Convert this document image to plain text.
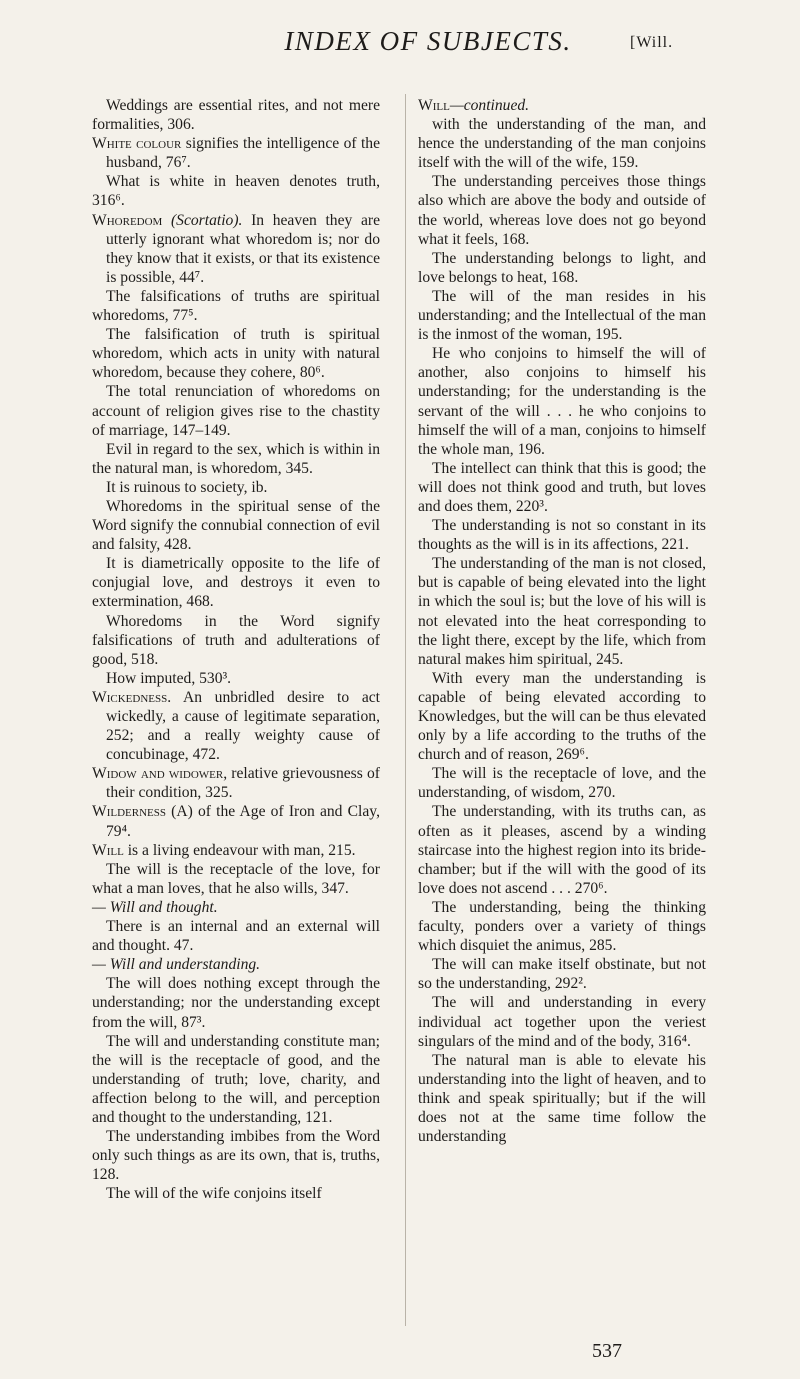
INDEX OF SUBJECTS.	[Will.

Weddings are essential rites, and not mere formalities, 306.

White colour signifies the intelligence of the husband, 76⁷.

What is white in heaven denotes truth, 316⁶.

Whoredom (Scortatio). In heaven they are utterly ignorant what whoredom is; nor do they know that it exists, or that its existence is possible, 44⁷.

The falsifications of truths are spiritual whoredoms, 77⁵.

The falsification of truth is spiritual whoredom, which acts in unity with natural whoredom, because they cohere, 80⁶.

The total renunciation of whoredoms on account of religion gives rise to the chastity of marriage, 147–149.

Evil in regard to the sex, which is within in the natural man, is whoredom, 345.

It is ruinous to society, ib.

Whoredoms in the spiritual sense of the Word signify the connubial connection of evil and falsity, 428.

It is diametrically opposite to the life of conjugial love, and destroys it even to extermination, 468.

Whoredoms in the Word signify falsifications of truth and adulterations of good, 518.

How imputed, 530³.

Wickedness. An unbridled desire to act wickedly, a cause of legitimate separation, 252; and a really weighty cause of concubinage, 472.

Widow and widower, relative grievousness of their condition, 325.

Wilderness (A) of the Age of Iron and Clay, 79⁴.

Will is a living endeavour with man, 215.

The will is the receptacle of the love, for what a man loves, that he also wills, 347.

— Will and thought.

There is an internal and an external will and thought. 47.

— Will and understanding.

The will does nothing except through the understanding; nor the understanding except from the will, 87³.

The will and understanding constitute man; the will is the receptacle of good, and the understanding of truth; love, charity, and affection belong to the will, and perception and thought to the understanding, 121.

The understanding imbibes from the Word only such things as are its own, that is, truths, 128.

The will of the wife conjoins itself

Will—continued.

with the understanding of the man, and hence the understanding of the man conjoins itself with the will of the wife, 159.

The understanding perceives those things also which are above the body and outside of the world, whereas love does not go beyond what it feels, 168.

The understanding belongs to light, and love belongs to heat, 168.

The will of the man resides in his understanding; and the Intellectual of the man is the inmost of the woman, 195.

He who conjoins to himself the will of another, also conjoins to himself his understanding; for the understanding is the servant of the will . . . he who conjoins to himself the will of a man, conjoins to himself the whole man, 196.

The intellect can think that this is good; the will does not think good and truth, but loves and does them, 220³.

The understanding is not so constant in its thoughts as the will is in its affections, 221.

The understanding of the man is not closed, but is capable of being elevated into the light in which the soul is; but the love of his will is not elevated into the heat corresponding to the light there, except by the life, which from natural makes him spiritual, 245.

With every man the understanding is capable of being elevated according to Knowledges, but the will can be thus elevated only by a life according to the truths of the church and of reason, 269⁶.

The will is the receptacle of love, and the understanding, of wisdom, 270.

The understanding, with its truths can, as often as it pleases, ascend by a winding staircase into the highest region into its bride-chamber; but if the will with the good of its love does not ascend . . . 270⁶.

The understanding, being the thinking faculty, ponders over a variety of things which disquiet the animus, 285.

The will can make itself obstinate, but not so the understanding, 292².

The will and understanding in every individual act together upon the veriest singulars of the mind and of the body, 316⁴.

The natural man is able to elevate his understanding into the light of heaven, and to think and speak spiritually; but if the will does not at the same time follow the understanding

537
